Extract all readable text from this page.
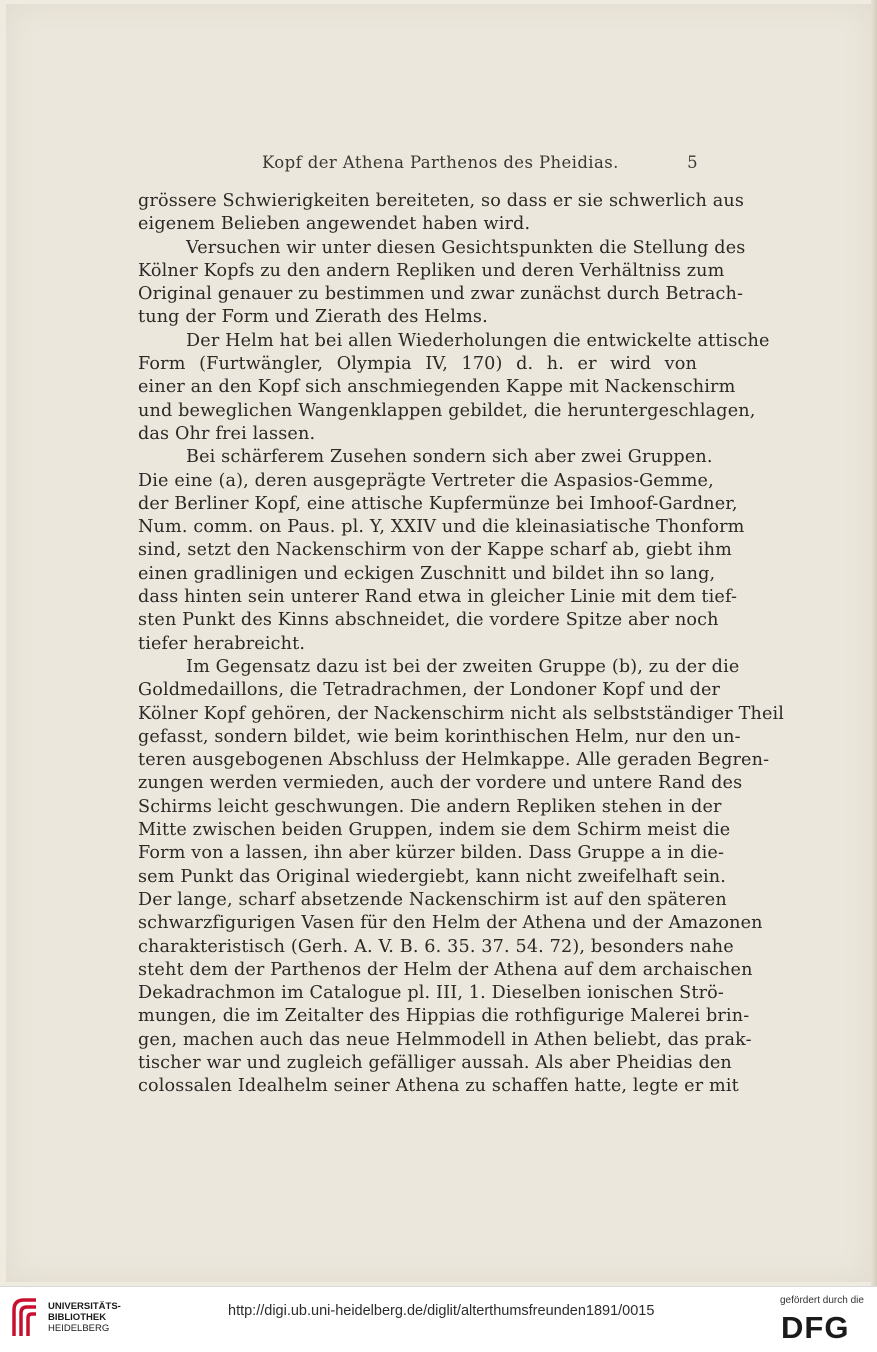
Kopf der Athena Parthenos des Pheidias.	5
grössere Schwierigkeiten bereiteten, so dass er sie schwerlich aus
eigenem Belieben angewendet haben wird.
Versuchen wir unter diesen Gesichtspunkten die Stellung des
Kölner Kopfs zu den andern Repliken und deren Verhältniss zum
Original genauer zu bestimmen und zwar zunächst durch Betrach-
tung der Form und Zierath des Helms.
Der Helm hat bei allen Wiederholungen die entwickelte attische
Form (Furtwängler, Olympia IV, 170) d. h. er wird von
einer an den Kopf sich anschmiegenden Kappe mit Nackenschirm
und beweglichen Wangenklappen gebildet, die heruntergeschlagen,
das Ohr frei lassen.
Bei schärferem Zusehen sondern sich aber zwei Gruppen.
Die eine (a), deren ausgeprägte Vertreter die Aspasios-Gemme,
der Berliner Kopf, eine attische Kupfermünze bei Imhoof-Gardner,
Num. comm. on Paus. pl. Y, XXIV und die kleinasiatische Thonform
sind, setzt den Nackenschirm von der Kappe scharf ab, giebt ihm
einen gradlinigen und eckigen Zuschnitt und bildet ihn so lang,
dass hinten sein unterer Rand etwa in gleicher Linie mit dem tief-
sten Punkt des Kinns abschneidet, die vordere Spitze aber noch
tiefer herabreicht.
Im Gegensatz dazu ist bei der zweiten Gruppe (b), zu der die
Goldmedaillons, die Tetradrachmen, der Londoner Kopf und der
Kölner Kopf gehören, der Nackenschirm nicht als selbstständiger Theil
gefasst, sondern bildet, wie beim korinthischen Helm, nur den un-
teren ausgebogenen Abschluss der Helmkappe. Alle geraden Begren-
zungen werden vermieden, auch der vordere und untere Rand des
Schirms leicht geschwungen. Die andern Repliken stehen in der
Mitte zwischen beiden Gruppen, indem sie dem Schirm meist die
Form von a lassen, ihn aber kürzer bilden. Dass Gruppe a in die-
sem Punkt das Original wiedergiebt, kann nicht zweifelhaft sein.
Der lange, scharf absetzende Nackenschirm ist auf den späteren
schwarzfigurigen Vasen für den Helm der Athena und der Amazonen
charakteristisch (Gerh. A. V. B. 6. 35. 37. 54. 72), besonders nahe
steht dem der Parthenos der Helm der Athena auf dem archaischen
Dekadrachmon im Catalogue pl. III, 1. Dieselben ionischen Strö-
mungen, die im Zeitalter des Hippias die rothfigurige Malerei brin-
gen, machen auch das neue Helmmodell in Athen beliebt, das prak-
tischer war und zugleich gefälliger aussah. Als aber Pheidias den
colossalen Idealhelm seiner Athena zu schaffen hatte, legte er mit
UNIVERSITÄTS-
BIBLIOTHEK
HEIDELBERG
http://digi.ub.uni-heidelberg.de/diglit/alterthumsfreunden1891/0015
gefördert durch die
DFG
